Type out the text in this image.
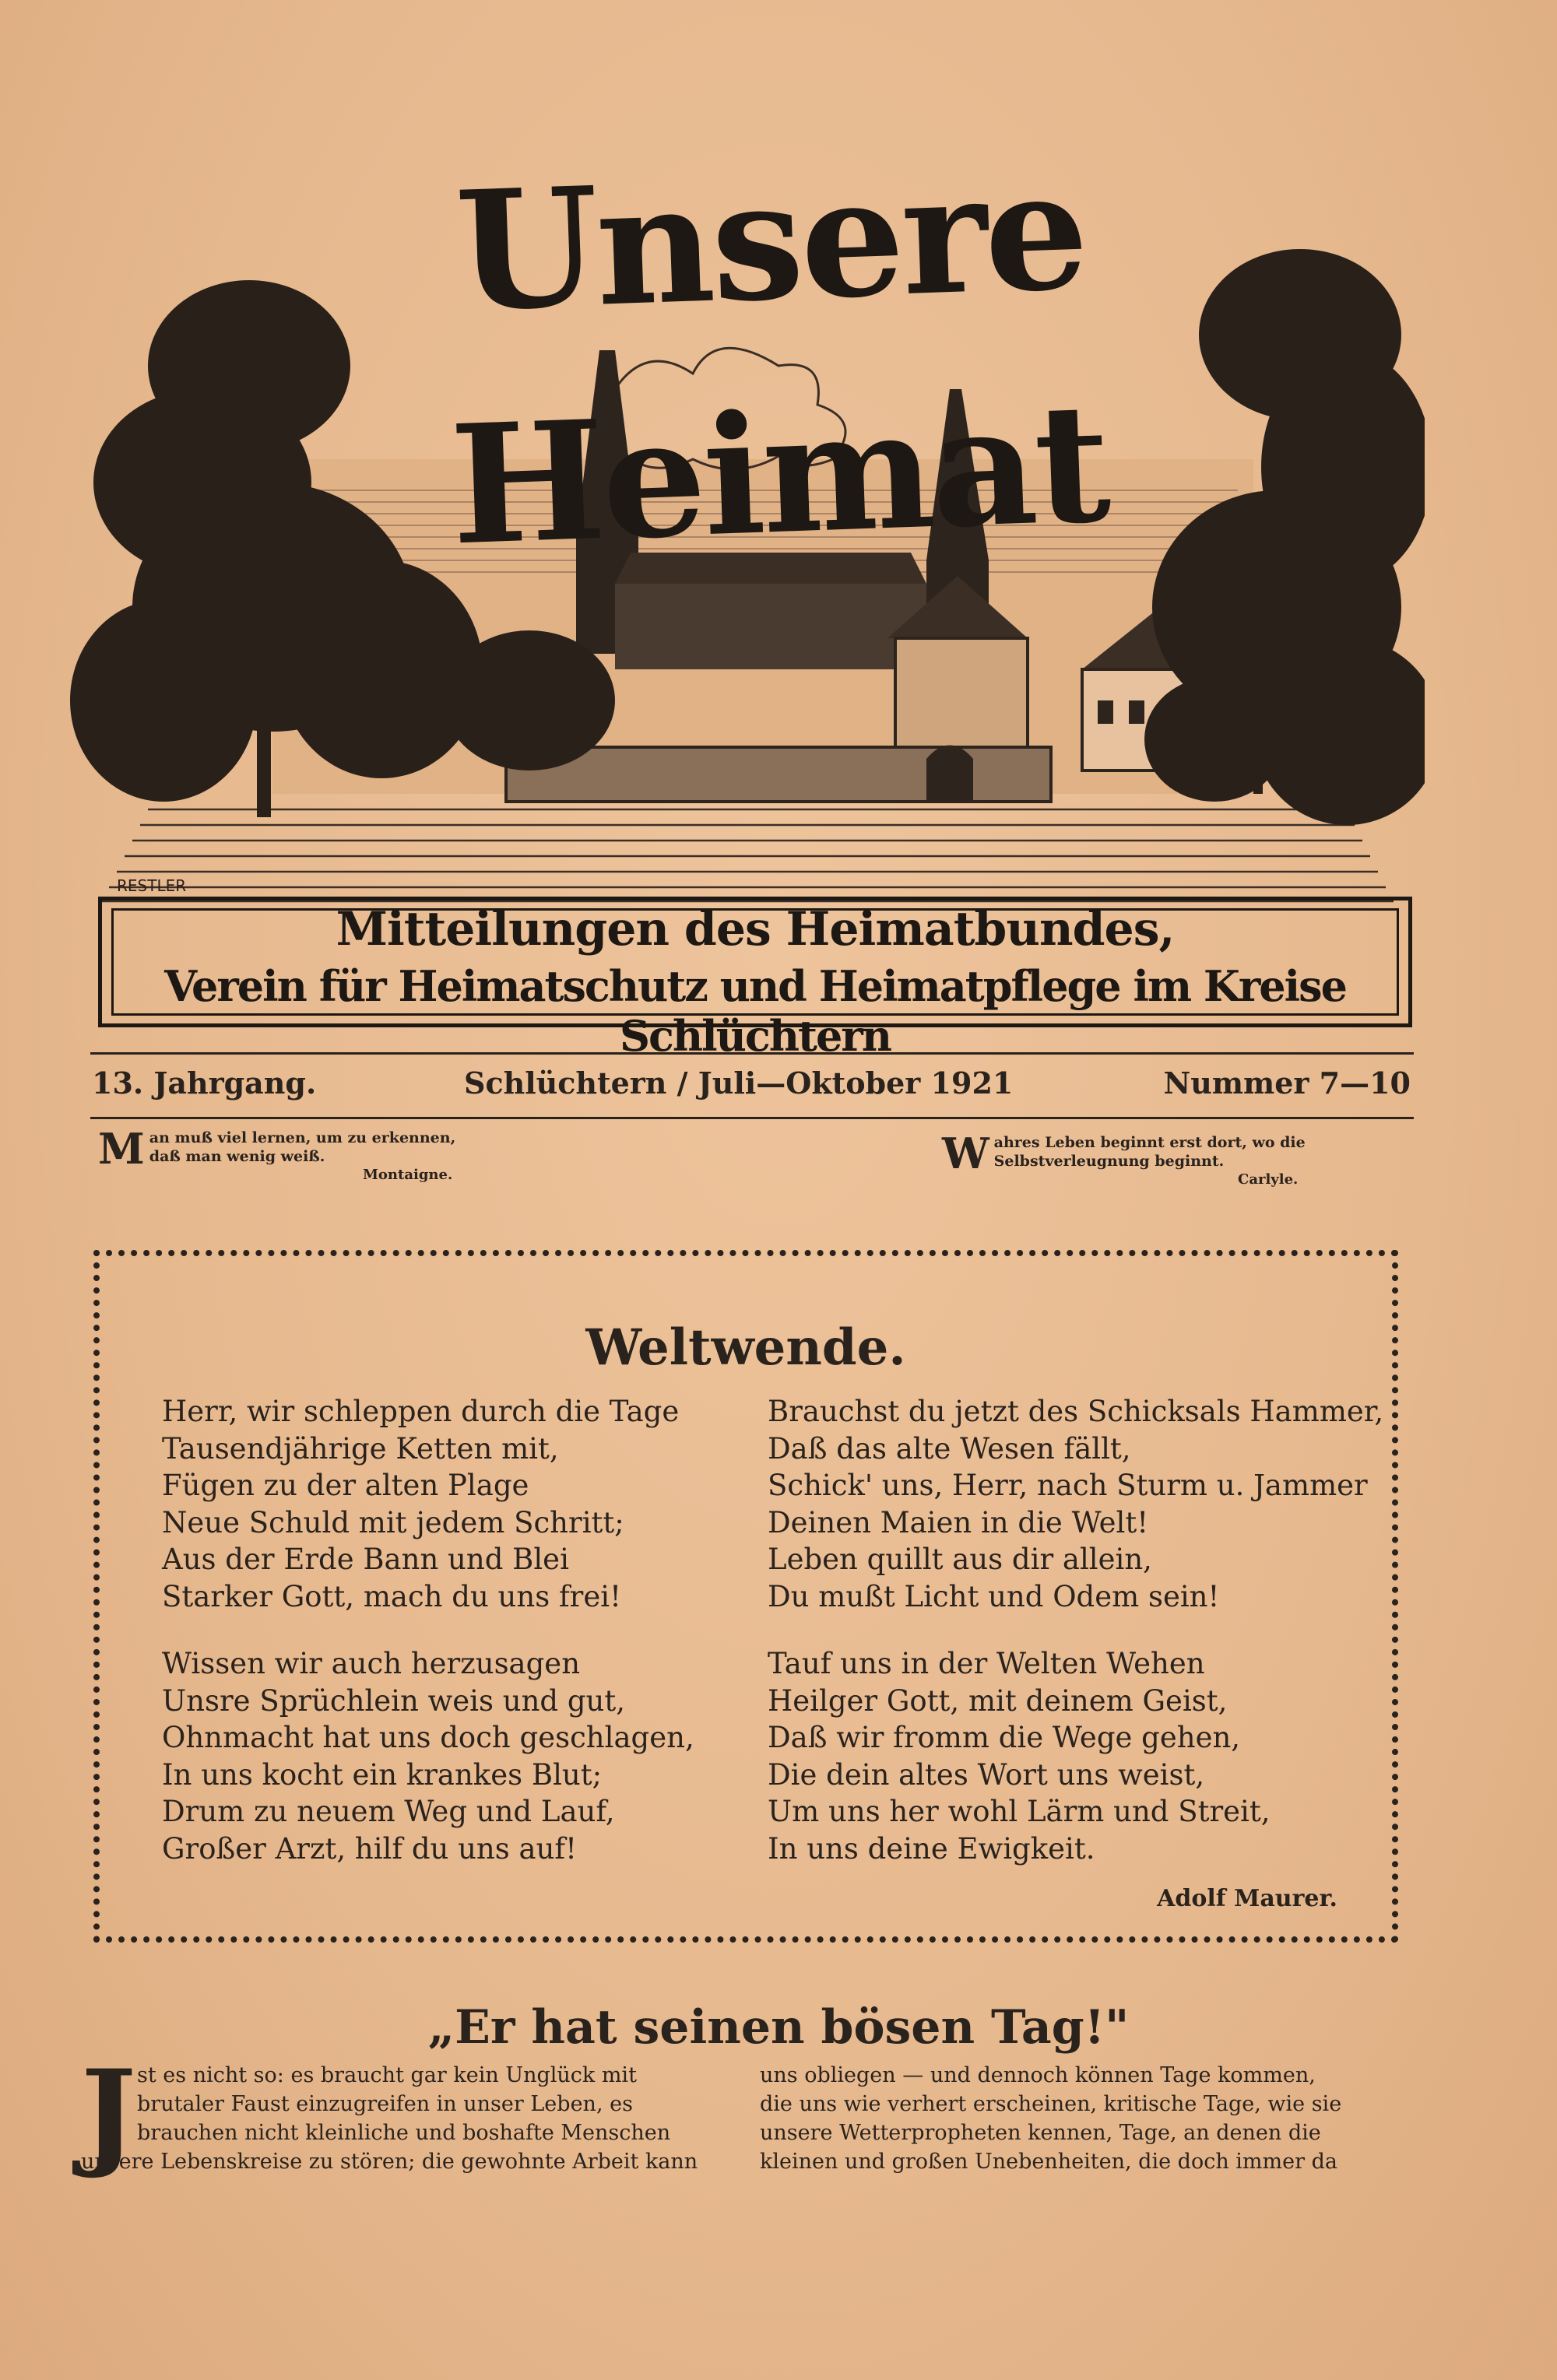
RESTLER
Unsere Heimat
Mitteilungen des Heimatbundes,
Verein für Heimatschutz und Heimatpflege im Kreise Schlüchtern
13. Jahrgang.	Schlüchtern / Juli—Oktober 1921	Nummer 7—10
M an muß viel lernen, um zu erkennen,
daß man wenig weiß.
Montaigne.	W ahres Leben beginnt erst dort, wo die
Selbstverleugnung beginnt.
Carlyle.
Weltwende.
Herr, wir schleppen durch die Tage
Tausendjährige Ketten mit,
Fügen zu der alten Plage
Neue Schuld mit jedem Schritt;
Aus der Erde Bann und Blei
Starker Gott, mach du uns frei!
Brauchst du jetzt des Schicksals Hammer,
Daß das alte Wesen fällt,
Schick' uns, Herr, nach Sturm u. Jammer
Deinen Maien in die Welt!
Leben quillt aus dir allein,
Du mußt Licht und Odem sein!
Wissen wir auch herzusagen
Unsre Sprüchlein weis und gut,
Ohnmacht hat uns doch geschlagen,
In uns kocht ein krankes Blut;
Drum zu neuem Weg und Lauf,
Großer Arzt, hilf du uns auf!
Tauf uns in der Welten Wehen
Heilger Gott, mit deinem Geist,
Daß wir fromm die Wege gehen,
Die dein altes Wort uns weist,
Um uns her wohl Lärm und Streit,
In uns deine Ewigkeit.
Adolf Maurer.
„Er hat seinen bösen Tag!"
J st es nicht so: es braucht gar kein Unglück mit
brutaler Faust einzugreifen in unser Leben, es
brauchen nicht kleinliche und boshafte Menschen
unsere Lebenskreise zu stören; die gewohnte Arbeit kann
uns obliegen — und dennoch können Tage kommen,
die uns wie verhert erscheinen, kritische Tage, wie sie
unsere Wetterpropheten kennen, Tage, an denen die
kleinen und großen Unebenheiten, die doch immer da
